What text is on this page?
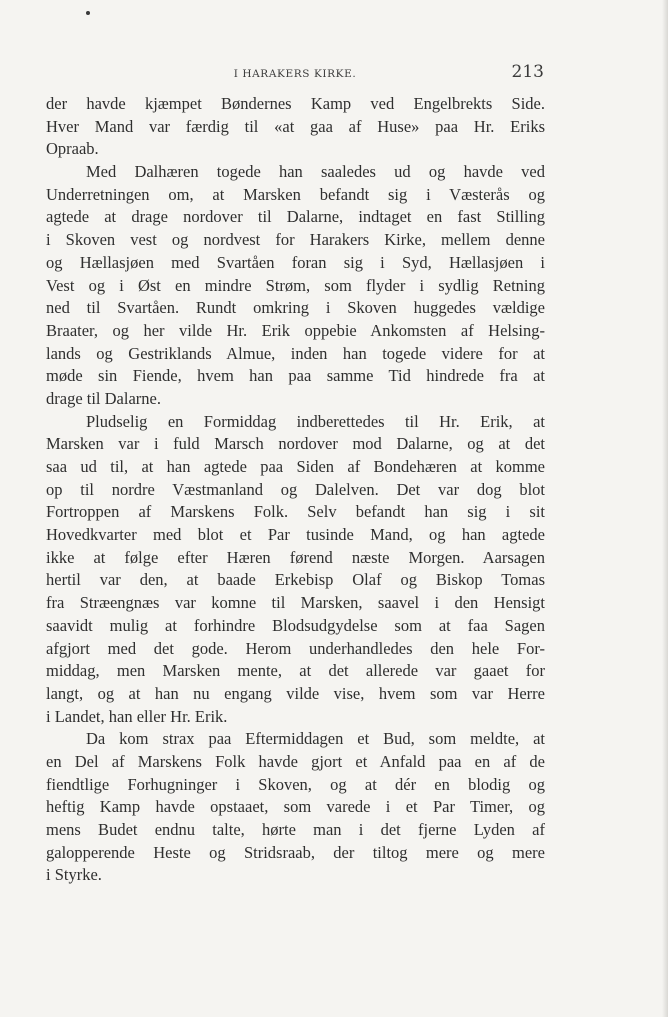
I HARAKERS KIRKE.	213
der havde kjæmpet Bøndernes Kamp ved Engelbrekts Side.
Hver Mand var færdig til «at gaa af Huse» paa Hr. Eriks
Opraab.
Med Dalhæren togede han saaledes ud og havde ved
Underretningen om, at Marsken befandt sig i Væsterås og
agtede at drage nordover til Dalarne, indtaget en fast Stilling
i Skoven vest og nordvest for Harakers Kirke, mellem denne
og Hællasjøen med Svartåen foran sig i Syd, Hællasjøen i
Vest og i Øst en mindre Strøm, som flyder i sydlig Retning
ned til Svartåen. Rundt omkring i Skoven huggedes vældige
Braater, og her vilde Hr. Erik oppebie Ankomsten af Helsing-
lands og Gestriklands Almue, inden han togede videre for at
møde sin Fiende, hvem han paa samme Tid hindrede fra at
drage til Dalarne.
Pludselig en Formiddag indberettedes til Hr. Erik, at
Marsken var i fuld Marsch nordover mod Dalarne, og at det
saa ud til, at han agtede paa Siden af Bondehæren at komme
op til nordre Væstmanland og Dalelven. Det var dog blot
Fortroppen af Marskens Folk. Selv befandt han sig i sit
Hovedkvarter med blot et Par tusinde Mand, og han agtede
ikke at følge efter Hæren førend næste Morgen. Aarsagen
hertil var den, at baade Erkebisp Olaf og Biskop Tomas
fra Stræengnæs var komne til Marsken, saavel i den Hensigt
saavidt mulig at forhindre Blodsudgydelse som at faa Sagen
afgjort med det gode. Herom underhandledes den hele For-
middag, men Marsken mente, at det allerede var gaaet for
langt, og at han nu engang vilde vise, hvem som var Herre
i Landet, han eller Hr. Erik.
Da kom strax paa Eftermiddagen et Bud, som meldte, at
en Del af Marskens Folk havde gjort et Anfald paa en af de
fiendtlige Forhugninger i Skoven, og at dér en blodig og
heftig Kamp havde opstaaet, som varede i et Par Timer, og
mens Budet endnu talte, hørte man i det fjerne Lyden af
galopperende Heste og Stridsraab, der tiltog mere og mere
i Styrke.
